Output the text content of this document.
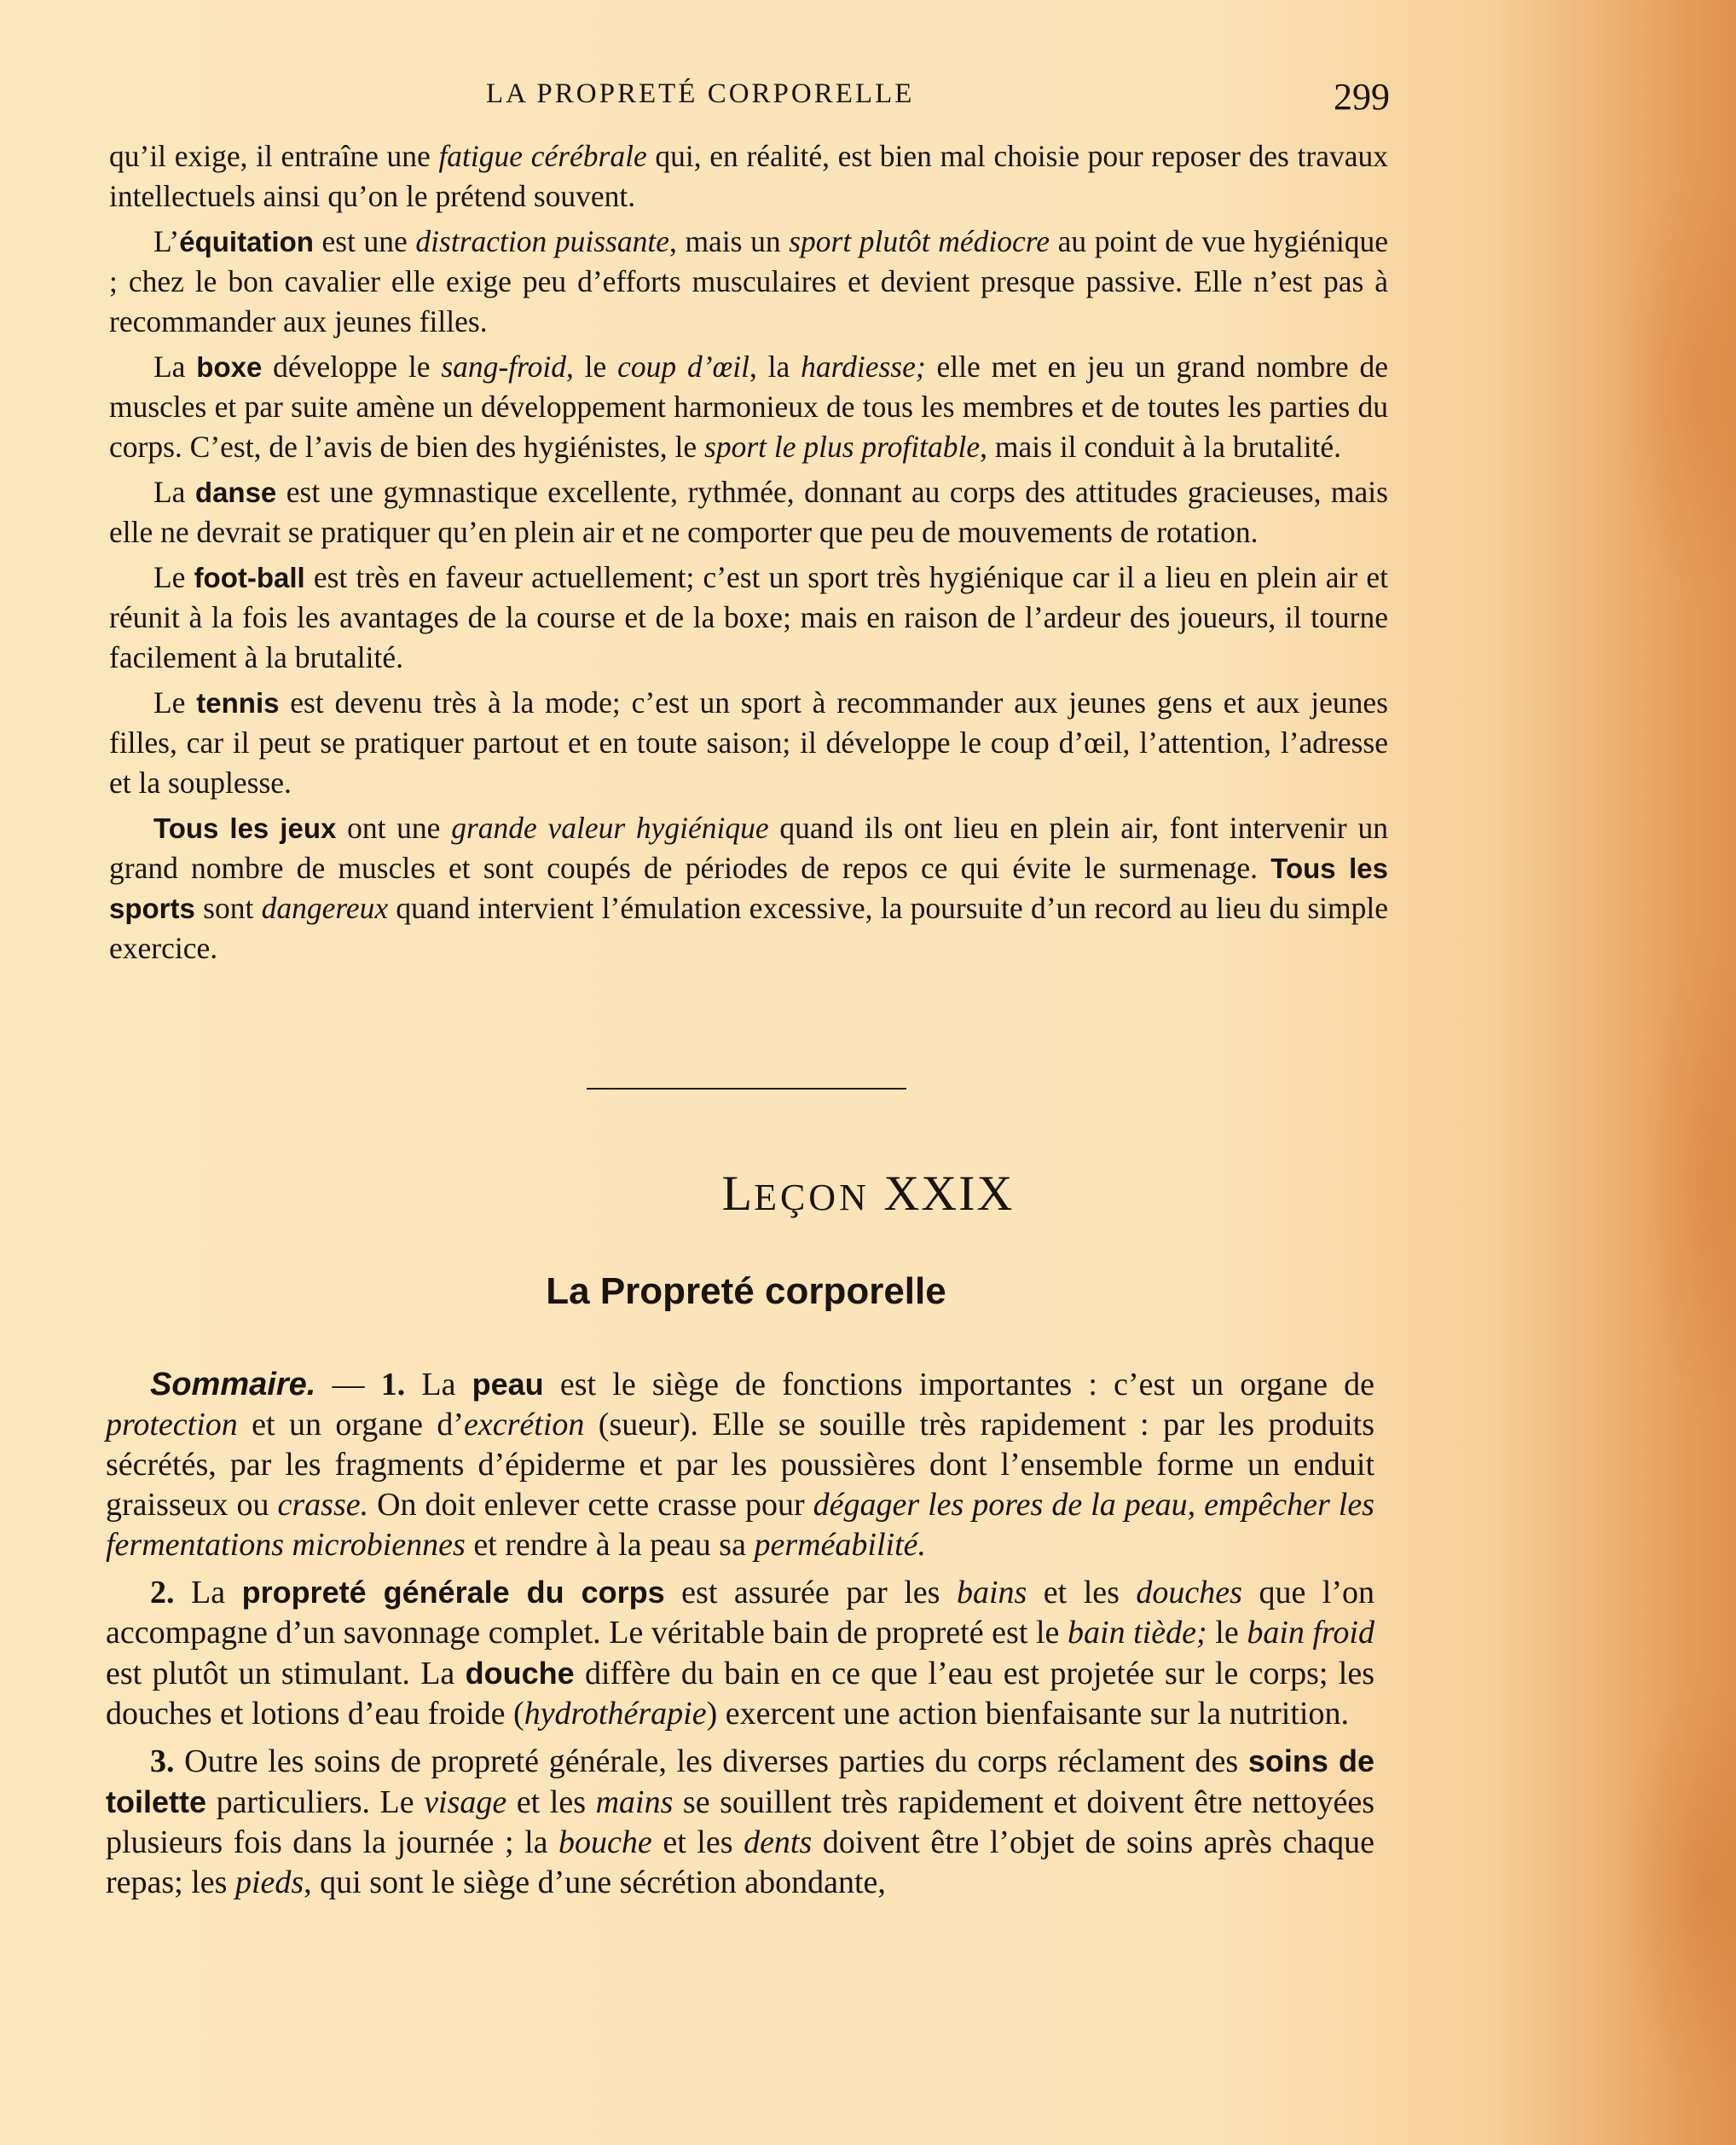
LA PROPRETÉ CORPORELLE	299

qu’il exige, il entraîne une fatigue cérébrale qui, en réalité, est bien mal choisie pour reposer des travaux intellectuels ainsi qu’on le prétend souvent.

L’équitation est une distraction puissante, mais un sport plutôt médiocre au point de vue hygiénique ; chez le bon cavalier elle exige peu d’efforts musculaires et devient presque passive. Elle n’est pas à recommander aux jeunes filles.

La boxe développe le sang-froid, le coup d’œil, la hardiesse; elle met en jeu un grand nombre de muscles et par suite amène un développement harmonieux de tous les membres et de toutes les parties du corps. C’est, de l’avis de bien des hygiénistes, le sport le plus profitable, mais il conduit à la brutalité.

La danse est une gymnastique excellente, rythmée, donnant au corps des attitudes gracieuses, mais elle ne devrait se pratiquer qu’en plein air et ne comporter que peu de mouvements de rotation.

Le foot-ball est très en faveur actuellement; c’est un sport très hygiénique car il a lieu en plein air et réunit à la fois les avantages de la course et de la boxe; mais en raison de l’ardeur des joueurs, il tourne facilement à la brutalité.

Le tennis est devenu très à la mode; c’est un sport à recommander aux jeunes gens et aux jeunes filles, car il peut se pratiquer partout et en toute saison; il développe le coup d’œil, l’attention, l’adresse et la souplesse.

Tous les jeux ont une grande valeur hygiénique quand ils ont lieu en plein air, font intervenir un grand nombre de muscles et sont coupés de périodes de repos ce qui évite le surmenage. Tous les sports sont dangereux quand intervient l’émulation excessive, la poursuite d’un record au lieu du simple exercice.

LEÇON XXIX
La Propreté corporelle

Sommaire. — 1. La peau est le siège de fonctions importantes : c’est un organe de protection et un organe d’excrétion (sueur). Elle se souille très rapidement : par les produits sécrétés, par les fragments d’épiderme et par les poussières dont l’ensemble forme un enduit graisseux ou crasse. On doit enlever cette crasse pour dégager les pores de la peau, empêcher les fermentations microbiennes et rendre à la peau sa perméabilité.

2. La propreté générale du corps est assurée par les bains et les douches que l’on accompagne d’un savonnage complet. Le véritable bain de propreté est le bain tiède; le bain froid est plutôt un stimulant. La douche diffère du bain en ce que l’eau est projetée sur le corps; les douches et lotions d’eau froide (hydrothérapie) exercent une action bienfaisante sur la nutrition.

3. Outre les soins de propreté générale, les diverses parties du corps réclament des soins de toilette particuliers. Le visage et les mains se souillent très rapidement et doivent être nettoyées plusieurs fois dans la journée ; la bouche et les dents doivent être l’objet de soins après chaque repas; les pieds, qui sont le siège d’une sécrétion abondante,
